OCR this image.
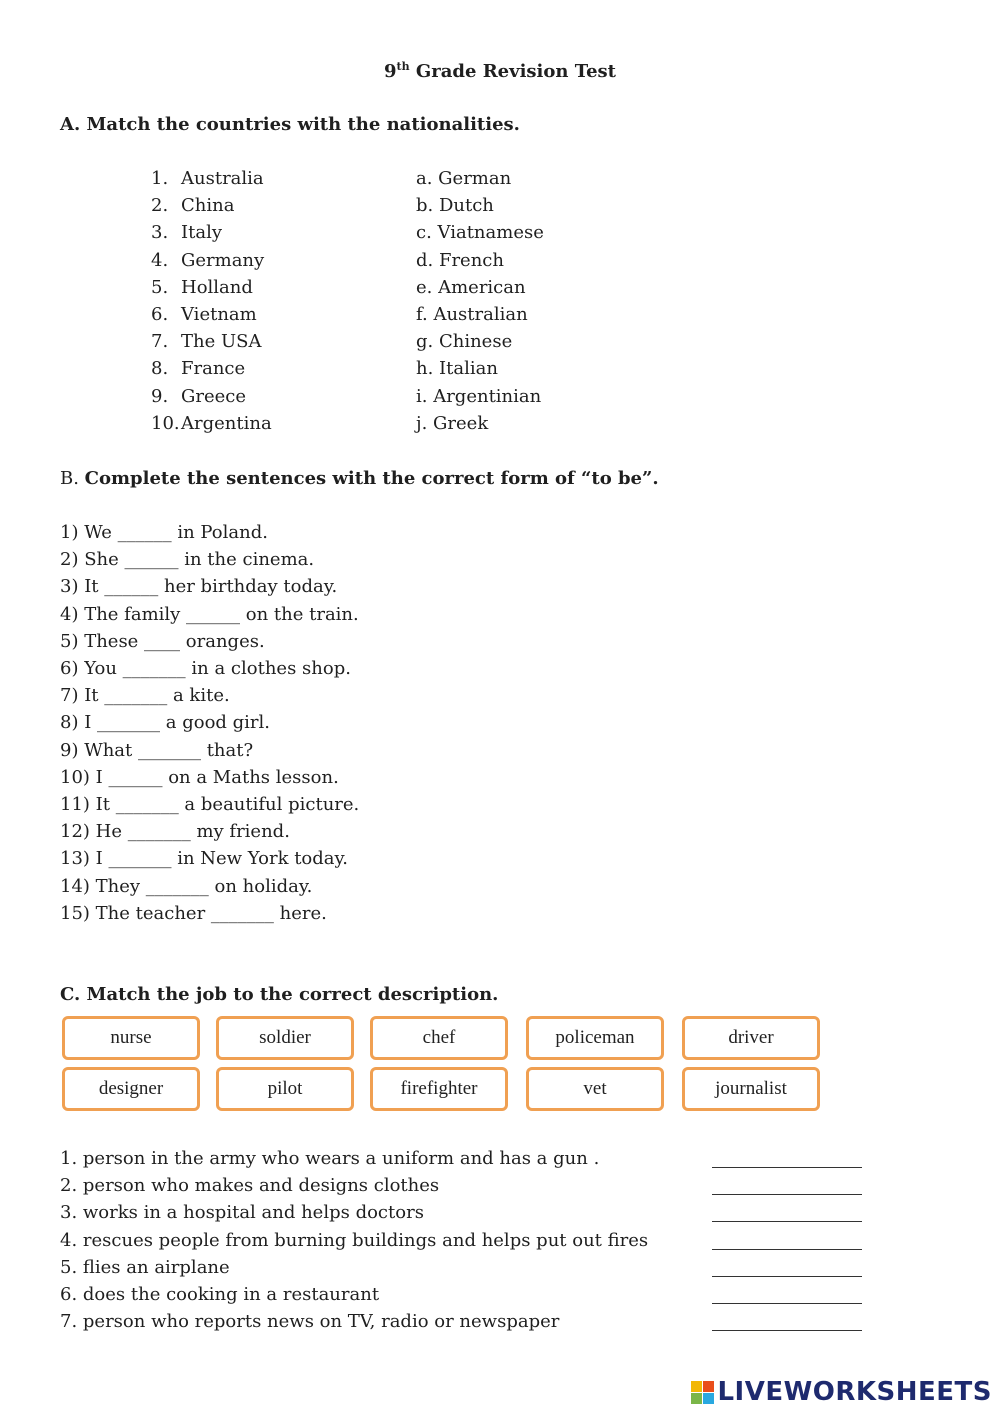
9th Grade Revision Test
A. Match the countries with the nationalities.
1. Australia	a. German
2. China	b. Dutch
3. Italy	c. Viatnamese
4. Germany	d. French
5. Holland	e. American
6. Vietnam	f. Australian
7. The USA	g. Chinese
8. France	h. Italian
9. Greece	i. Argentinian
10. Argentina	j. Greek
B. Complete the sentences with the correct form of “to be”.
1) We ______ in Poland.
2) She ______ in the cinema.
3) It ______ her birthday today.
4) The family ______ on the train.
5) These ____ oranges.
6) You _______ in a clothes shop.
7) It _______ a kite.
8) I _______ a good girl.
9) What _______ that?
10) I ______ on a Maths lesson.
11) It _______ a beautiful picture.
12) He _______ my friend.
13) I _______ in New York today.
14) They _______ on holiday.
15) The teacher _______ here.
C. Match the job to the correct description.
nurse	soldier	chef	policeman	driver
designer	pilot	firefighter	vet	journalist
1. person in the army who wears a uniform and has a gun .
2. person who makes and designs clothes
3. works in a hospital and helps doctors
4. rescues people from burning buildings and helps put out fires
5. flies an airplane
6. does the cooking in a restaurant
7. person who reports news on TV, radio or newspaper
LIVEWORKSHEETS
